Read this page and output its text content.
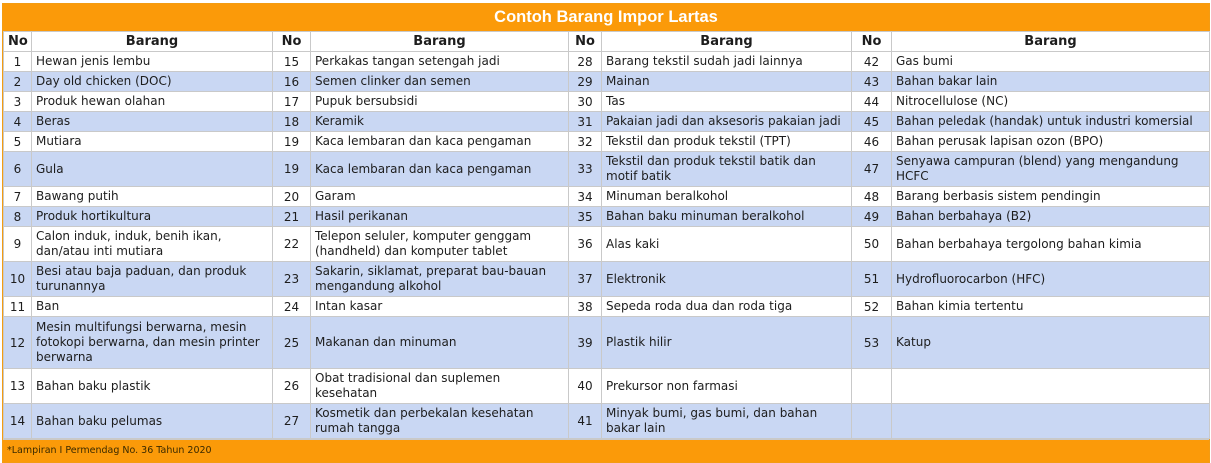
Contoh Barang Impor Lartas
No	Barang	No	Barang	No	Barang	No	Barang
1	Hewan jenis lembu	15	Perkakas tangan setengah jadi	28	Barang tekstil sudah jadi lainnya	42	Gas bumi
2	Day old chicken (DOC)	16	Semen clinker dan semen	29	Mainan	43	Bahan bakar lain
3	Produk hewan olahan	17	Pupuk bersubsidi	30	Tas	44	Nitrocellulose (NC)
4	Beras	18	Keramik	31	Pakaian jadi dan aksesoris pakaian jadi	45	Bahan peledak (handak) untuk industri komersial
5	Mutiara	19	Kaca lembaran dan kaca pengaman	32	Tekstil dan produk tekstil (TPT)	46	Bahan perusak lapisan ozon (BPO)
6	Gula	19	Kaca lembaran dan kaca pengaman	33	Tekstil dan produk tekstil batik dan motif batik	47	Senyawa campuran (blend) yang mengandung HCFC
7	Bawang putih	20	Garam	34	Minuman beralkohol	48	Barang berbasis sistem pendingin
8	Produk hortikultura	21	Hasil perikanan	35	Bahan baku minuman beralkohol	49	Bahan berbahaya (B2)
9	Calon induk, induk, benih ikan, dan/atau inti mutiara	22	Telepon seluler, komputer genggam (handheld) dan komputer tablet	36	Alas kaki	50	Bahan berbahaya tergolong bahan kimia
10	Besi atau baja paduan, dan produk turunannya	23	Sakarin, siklamat, preparat bau-bauan mengandung alkohol	37	Elektronik	51	Hydrofluorocarbon (HFC)
11	Ban	24	Intan kasar	38	Sepeda roda dua dan roda tiga	52	Bahan kimia tertentu
12	Mesin multifungsi berwarna, mesin fotokopi berwarna, dan mesin printer berwarna	25	Makanan dan minuman	39	Plastik hilir	53	Katup
13	Bahan baku plastik	26	Obat tradisional dan suplemen kesehatan	40	Prekursor non farmasi		
14	Bahan baku pelumas	27	Kosmetik dan perbekalan kesehatan rumah tangga	41	Minyak bumi, gas bumi, dan bahan bakar lain		
*Lampiran I Permendag No. 36 Tahun 2020
